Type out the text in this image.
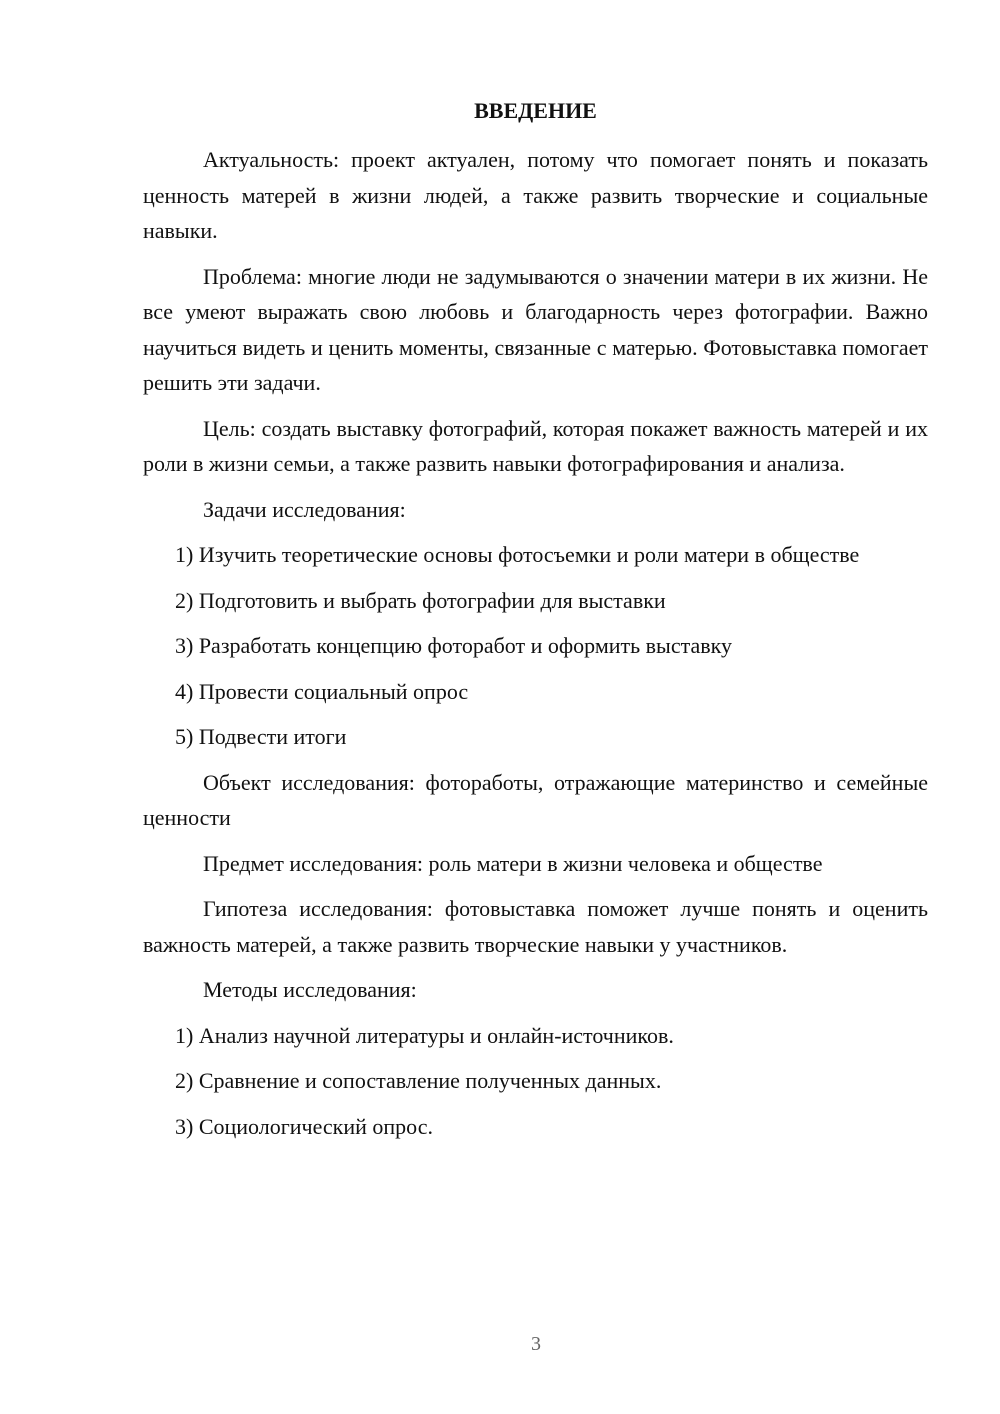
ВВЕДЕНИЕ

Актуальность: проект актуален, потому что помогает понять и показать ценность матерей в жизни людей, а также развить творческие и социальные навыки.

Проблема: многие люди не задумываются о значении матери в их жизни. Не все умеют выражать свою любовь и благодарность через фотографии. Важно научиться видеть и ценить моменты, связанные с матерью. Фотовыставка помогает решить эти задачи.

Цель: создать выставку фотографий, которая покажет важность матерей и их роли в жизни семьи, а также развить навыки фотографирования и анализа.

Задачи исследования:

1) Изучить теоретические основы фотосъемки и роли матери в обществе

2) Подготовить и выбрать фотографии для выставки

3) Разработать концепцию фоторабот и оформить выставку

4) Провести социальный опрос

5) Подвести итоги

Объект исследования: фотоработы, отражающие материнство и семейные ценности

Предмет исследования: роль матери в жизни человека и обществе

Гипотеза исследования: фотовыставка поможет лучше понять и оценить важность матерей, а также развить творческие навыки у участников.

Методы исследования:

1) Анализ научной литературы и онлайн-источников.

2) Сравнение и сопоставление полученных данных.

3) Социологический опрос.

3
